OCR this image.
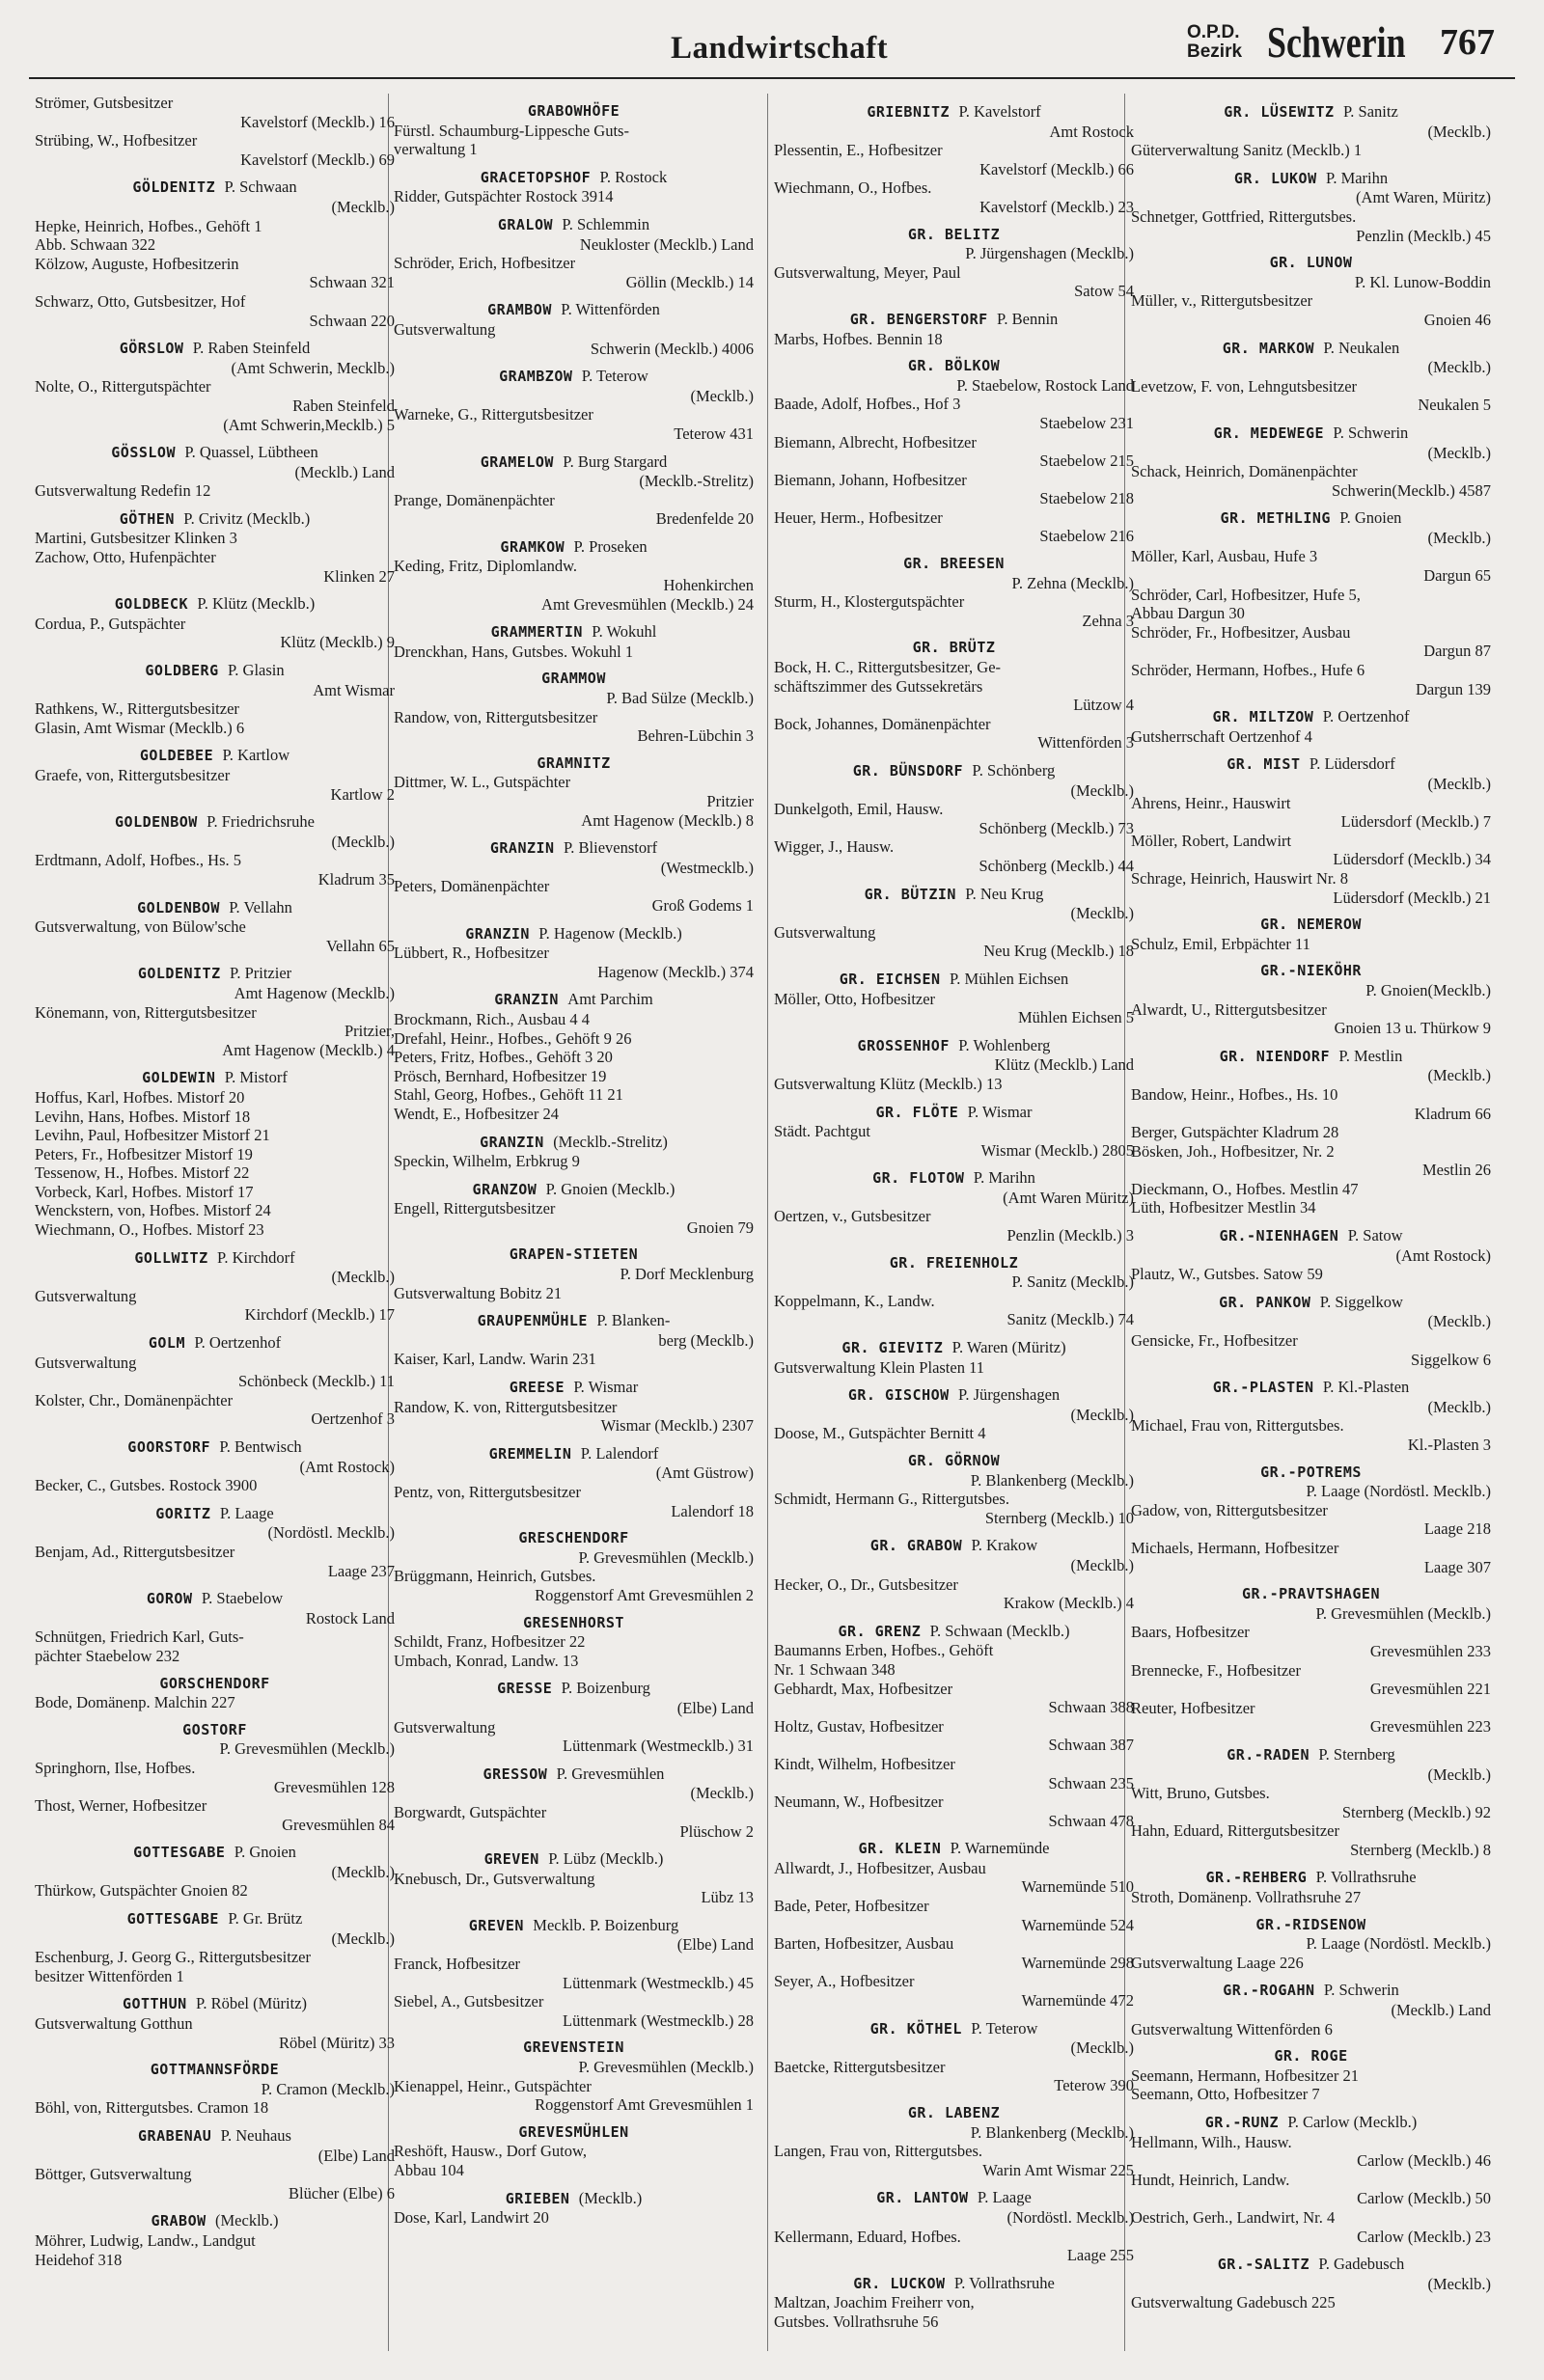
Landwirtschaft	O.P.D.
Bezirk Schwerin 767
Strömer, Gutsbesitzer
Kavelstorf (Mecklb.) 16
Strübing, W., Hofbesitzer
Kavelstorf (Mecklb.) 69
GÖLDENITZ P. Schwaan
(Mecklb.)
Hepke, Heinrich, Hofbes., Gehöft 1
Abb. Schwaan 322
Kölzow, Auguste, Hofbesitzerin
Schwaan 321
Schwarz, Otto, Gutsbesitzer, Hof
Schwaan 220
GÖRSLOW P. Raben Steinfeld
(Amt Schwerin, Mecklb.)
Nolte, O., Rittergutspächter
Raben Steinfeld
(Amt Schwerin,Mecklb.) 5
GÖSSLOW P. Quassel, Lübtheen
(Mecklb.) Land
Gutsverwaltung Redefin 12
GÖTHEN P. Crivitz (Mecklb.)
Martini, Gutsbesitzer Klinken 3
Zachow, Otto, Hufenpächter
Klinken 27
GOLDBECK P. Klütz (Mecklb.)
Cordua, P., Gutspächter
Klütz (Mecklb.) 9
GOLDBERG P. Glasin
Amt Wismar
Rathkens, W., Rittergutsbesitzer
Glasin, Amt Wismar (Mecklb.) 6
GOLDEBEE P. Kartlow
Graefe, von, Rittergutsbesitzer
Kartlow 2
GOLDENBOW P. Friedrichsruhe
(Mecklb.)
Erdtmann, Adolf, Hofbes., Hs. 5
Kladrum 35
GOLDENBOW P. Vellahn
Gutsverwaltung, von Bülow'sche
Vellahn 65
GOLDENITZ P. Pritzier
Amt Hagenow (Mecklb.)
Könemann, von, Rittergutsbesitzer
Pritzier,
Amt Hagenow (Mecklb.) 4
GOLDEWIN P. Mistorf
Hoffus, Karl, Hofbes. Mistorf 20
Levihn, Hans, Hofbes. Mistorf 18
Levihn, Paul, Hofbesitzer Mistorf 21
Peters, Fr., Hofbesitzer Mistorf 19
Tessenow, H., Hofbes. Mistorf 22
Vorbeck, Karl, Hofbes. Mistorf 17
Wenckstern, von, Hofbes. Mistorf 24
Wiechmann, O., Hofbes. Mistorf 23
GOLLWITZ P. Kirchdorf
(Mecklb.)
Gutsverwaltung
Kirchdorf (Mecklb.) 17
GOLM P. Oertzenhof
Gutsverwaltung
Schönbeck (Mecklb.) 11
Kolster, Chr., Domänenpächter
Oertzenhof 3
GOORSTORF P. Bentwisch
(Amt Rostock)
Becker, C., Gutsbes. Rostock 3900
GORITZ P. Laage
(Nordöstl. Mecklb.)
Benjam, Ad., Rittergutsbesitzer
Laage 237
GOROW P. Staebelow
Rostock Land
Schnütgen, Friedrich Karl, Guts-
pächter Staebelow 232
GORSCHENDORF
Bode, Domänenp. Malchin 227
GOSTORF
P. Grevesmühlen (Mecklb.)
Springhorn, Ilse, Hofbes.
Grevesmühlen 128
Thost, Werner, Hofbesitzer
Grevesmühlen 84
GOTTESGABE P. Gnoien
(Mecklb.)
Thürkow, Gutspächter Gnoien 82
GOTTESGABE P. Gr. Brütz
(Mecklb.)
Eschenburg, J. Georg G., Rittergutsbesitzer
besitzer Wittenförden 1
GOTTHUN P. Röbel (Müritz)
Gutsverwaltung Gotthun
Röbel (Müritz) 33
GOTTMANNSFÖRDE
P. Cramon (Mecklb.)
Böhl, von, Rittergutsbes. Cramon 18
GRABENAU P. Neuhaus
(Elbe) Land
Böttger, Gutsverwaltung
Blücher (Elbe) 6
GRABOW (Mecklb.)
Möhrer, Ludwig, Landw., Landgut
Heidehof 318
GRABOWHÖFE
Fürstl. Schaumburg-Lippesche Guts-
verwaltung 1
GRACETOPSHOF P. Rostock
Ridder, Gutspächter Rostock 3914
GRALOW P. Schlemmin
Neukloster (Mecklb.) Land
Schröder, Erich, Hofbesitzer
Göllin (Mecklb.) 14
GRAMBOW P. Wittenförden
Gutsverwaltung
Schwerin (Mecklb.) 4006
GRAMBZOW P. Teterow
(Mecklb.)
Warneke, G., Rittergutsbesitzer
Teterow 431
GRAMELOW P. Burg Stargard
(Mecklb.-Strelitz)
Prange, Domänenpächter
Bredenfelde 20
GRAMKOW P. Proseken
Keding, Fritz, Diplomlandw.
Hohenkirchen
Amt Grevesmühlen (Mecklb.) 24
GRAMMERTIN P. Wokuhl
Drenckhan, Hans, Gutsbes. Wokuhl 1
GRAMMOW
P. Bad Sülze (Mecklb.)
Randow, von, Rittergutsbesitzer
Behren-Lübchin 3
GRAMNITZ
Dittmer, W. L., Gutspächter
Pritzier
Amt Hagenow (Mecklb.) 8
GRANZIN P. Blievenstorf
(Westmecklb.)
Peters, Domänenpächter
Groß Godems 1
GRANZIN P. Hagenow (Mecklb.)
Lübbert, R., Hofbesitzer
Hagenow (Mecklb.) 374
GRANZIN Amt Parchim
Brockmann, Rich., Ausbau 4 4
Drefahl, Heinr., Hofbes., Gehöft 9 26
Peters, Fritz, Hofbes., Gehöft 3 20
Prösch, Bernhard, Hofbesitzer 19
Stahl, Georg, Hofbes., Gehöft 11 21
Wendt, E., Hofbesitzer 24
GRANZIN (Mecklb.-Strelitz)
Speckin, Wilhelm, Erbkrug 9
GRANZOW P. Gnoien (Mecklb.)
Engell, Rittergutsbesitzer
Gnoien 79
GRAPEN-STIETEN
P. Dorf Mecklenburg
Gutsverwaltung Bobitz 21
GRAUPENMÜHLE P. Blanken-
berg (Mecklb.)
Kaiser, Karl, Landw. Warin 231
GREESE P. Wismar
Randow, K. von, Rittergutsbesitzer
Wismar (Mecklb.) 2307
GREMMELIN P. Lalendorf
(Amt Güstrow)
Pentz, von, Rittergutsbesitzer
Lalendorf 18
GRESCHENDORF
P. Grevesmühlen (Mecklb.)
Brüggmann, Heinrich, Gutsbes.
Roggenstorf Amt Grevesmühlen 2
GRESENHORST
Schildt, Franz, Hofbesitzer 22
Umbach, Konrad, Landw. 13
GRESSE P. Boizenburg
(Elbe) Land
Gutsverwaltung
Lüttenmark (Westmecklb.) 31
GRESSOW P. Grevesmühlen
(Mecklb.)
Borgwardt, Gutspächter
Plüschow 2
GREVEN P. Lübz (Mecklb.)
Knebusch, Dr., Gutsverwaltung
Lübz 13
GREVEN Mecklb. P. Boizenburg
(Elbe) Land
Franck, Hofbesitzer
Lüttenmark (Westmecklb.) 45
Siebel, A., Gutsbesitzer
Lüttenmark (Westmecklb.) 28
GREVENSTEIN
P. Grevesmühlen (Mecklb.)
Kienappel, Heinr., Gutspächter
Roggenstorf Amt Grevesmühlen 1
GREVESMÜHLEN
Reshöft, Hausw., Dorf Gutow,
Abbau 104
GRIEBEN (Mecklb.)
Dose, Karl, Landwirt 20
GRIEBNITZ P. Kavelstorf
Amt Rostock
Plessentin, E., Hofbesitzer
Kavelstorf (Mecklb.) 66
Wiechmann, O., Hofbes.
Kavelstorf (Mecklb.) 23
GR. BELITZ
P. Jürgenshagen (Mecklb.)
Gutsverwaltung, Meyer, Paul
Satow 54
GR. BENGERSTORF P. Bennin
Marbs, Hofbes. Bennin 18
GR. BÖLKOW
P. Staebelow, Rostock Land
Baade, Adolf, Hofbes., Hof 3
Staebelow 231
Biemann, Albrecht, Hofbesitzer
Staebelow 215
Biemann, Johann, Hofbesitzer
Staebelow 218
Heuer, Herm., Hofbesitzer
Staebelow 216
GR. BREESEN
P. Zehna (Mecklb.)
Sturm, H., Klostergutspächter
Zehna 3
GR. BRÜTZ
Bock, H. C., Rittergutsbesitzer, Ge-
schäftszimmer des Gutssekretärs
Lützow 4
Bock, Johannes, Domänenpächter
Wittenförden 3
GR. BÜNSDORF P. Schönberg
(Mecklb.)
Dunkelgoth, Emil, Hausw.
Schönberg (Mecklb.) 73
Wigger, J., Hausw.
Schönberg (Mecklb.) 44
GR. BÜTZIN P. Neu Krug
(Mecklb.)
Gutsverwaltung
Neu Krug (Mecklb.) 18
GR. EICHSEN P. Mühlen Eichsen
Möller, Otto, Hofbesitzer
Mühlen Eichsen 5
GROSSENHOF P. Wohlenberg
Klütz (Mecklb.) Land
Gutsverwaltung Klütz (Mecklb.) 13
GR. FLÖTE P. Wismar
Städt. Pachtgut
Wismar (Mecklb.) 2805
GR. FLOTOW P. Marihn
(Amt Waren Müritz)
Oertzen, v., Gutsbesitzer
Penzlin (Mecklb.) 3
GR. FREIENHOLZ
P. Sanitz (Mecklb.)
Koppelmann, K., Landw.
Sanitz (Mecklb.) 74
GR. GIEVITZ P. Waren (Müritz)
Gutsverwaltung Klein Plasten 11
GR. GISCHOW P. Jürgenshagen
(Mecklb.)
Doose, M., Gutspächter Bernitt 4
GR. GÖRNOW
P. Blankenberg (Mecklb.)
Schmidt, Hermann G., Rittergutsbes.
Sternberg (Mecklb.) 10
GR. GRABOW P. Krakow
(Mecklb.)
Hecker, O., Dr., Gutsbesitzer
Krakow (Mecklb.) 4
GR. GRENZ P. Schwaan (Mecklb.)
Baumanns Erben, Hofbes., Gehöft
Nr. 1 Schwaan 348
Gebhardt, Max, Hofbesitzer
Schwaan 388
Holtz, Gustav, Hofbesitzer
Schwaan 387
Kindt, Wilhelm, Hofbesitzer
Schwaan 235
Neumann, W., Hofbesitzer
Schwaan 478
GR. KLEIN P. Warnemünde
Allwardt, J., Hofbesitzer, Ausbau
Warnemünde 510
Bade, Peter, Hofbesitzer
Warnemünde 524
Barten, Hofbesitzer, Ausbau
Warnemünde 298
Seyer, A., Hofbesitzer
Warnemünde 472
GR. KÖTHEL P. Teterow
(Mecklb.)
Baetcke, Rittergutsbesitzer
Teterow 390
GR. LABENZ
P. Blankenberg (Mecklb.)
Langen, Frau von, Rittergutsbes.
Warin Amt Wismar 225
GR. LANTOW P. Laage
(Nordöstl. Mecklb.)
Kellermann, Eduard, Hofbes.
Laage 255
GR. LUCKOW P. Vollrathsruhe
Maltzan, Joachim Freiherr von,
Gutsbes. Vollrathsruhe 56
GR. LÜSEWITZ P. Sanitz
(Mecklb.)
Güterverwaltung Sanitz (Mecklb.) 1
GR. LUKOW P. Marihn
(Amt Waren, Müritz)
Schnetger, Gottfried, Rittergutsbes.
Penzlin (Mecklb.) 45
GR. LUNOW
P. Kl. Lunow-Boddin
Müller, v., Rittergutsbesitzer
Gnoien 46
GR. MARKOW P. Neukalen
(Mecklb.)
Levetzow, F. von, Lehngutsbesitzer
Neukalen 5
GR. MEDEWEGE P. Schwerin
(Mecklb.)
Schack, Heinrich, Domänenpächter
Schwerin(Mecklb.) 4587
GR. METHLING P. Gnoien
(Mecklb.)
Möller, Karl, Ausbau, Hufe 3
Dargun 65
Schröder, Carl, Hofbesitzer, Hufe 5,
Abbau Dargun 30
Schröder, Fr., Hofbesitzer, Ausbau
Dargun 87
Schröder, Hermann, Hofbes., Hufe 6
Dargun 139
GR. MILTZOW P. Oertzenhof
Gutsherrschaft Oertzenhof 4
GR. MIST P. Lüdersdorf
(Mecklb.)
Ahrens, Heinr., Hauswirt
Lüdersdorf (Mecklb.) 7
Möller, Robert, Landwirt
Lüdersdorf (Mecklb.) 34
Schrage, Heinrich, Hauswirt Nr. 8
Lüdersdorf (Mecklb.) 21
GR. NEMEROW
Schulz, Emil, Erbpächter 11
GR.-NIEKÖHR
P. Gnoien(Mecklb.)
Alwardt, U., Rittergutsbesitzer
Gnoien 13 u. Thürkow 9
GR. NIENDORF P. Mestlin
(Mecklb.)
Bandow, Heinr., Hofbes., Hs. 10
Kladrum 66
Berger, Gutspächter Kladrum 28
Bösken, Joh., Hofbesitzer, Nr. 2
Mestlin 26
Dieckmann, O., Hofbes. Mestlin 47
Lüth, Hofbesitzer Mestlin 34
GR.-NIENHAGEN P. Satow
(Amt Rostock)
Plautz, W., Gutsbes. Satow 59
GR. PANKOW P. Siggelkow
(Mecklb.)
Gensicke, Fr., Hofbesitzer
Siggelkow 6
GR.-PLASTEN P. Kl.-Plasten
(Mecklb.)
Michael, Frau von, Rittergutsbes.
Kl.-Plasten 3
GR.-POTREMS
P. Laage (Nordöstl. Mecklb.)
Gadow, von, Rittergutsbesitzer
Laage 218
Michaels, Hermann, Hofbesitzer
Laage 307
GR.-PRAVTSHAGEN
P. Grevesmühlen (Mecklb.)
Baars, Hofbesitzer
Grevesmühlen 233
Brennecke, F., Hofbesitzer
Grevesmühlen 221
Reuter, Hofbesitzer
Grevesmühlen 223
GR.-RADEN P. Sternberg
(Mecklb.)
Witt, Bruno, Gutsbes.
Sternberg (Mecklb.) 92
Hahn, Eduard, Rittergutsbesitzer
Sternberg (Mecklb.) 8
GR.-REHBERG P. Vollrathsruhe
Stroth, Domänenp. Vollrathsruhe 27
GR.-RIDSENOW
P. Laage (Nordöstl. Mecklb.)
Gutsverwaltung Laage 226
GR.-ROGAHN P. Schwerin
(Mecklb.) Land
Gutsverwaltung Wittenförden 6
GR. ROGE
Seemann, Hermann, Hofbesitzer 21
Seemann, Otto, Hofbesitzer 7
GR.-RUNZ P. Carlow (Mecklb.)
Hellmann, Wilh., Hausw.
Carlow (Mecklb.) 46
Hundt, Heinrich, Landw.
Carlow (Mecklb.) 50
Oestrich, Gerh., Landwirt, Nr. 4
Carlow (Mecklb.) 23
GR.-SALITZ P. Gadebusch
(Mecklb.)
Gutsverwaltung Gadebusch 225
